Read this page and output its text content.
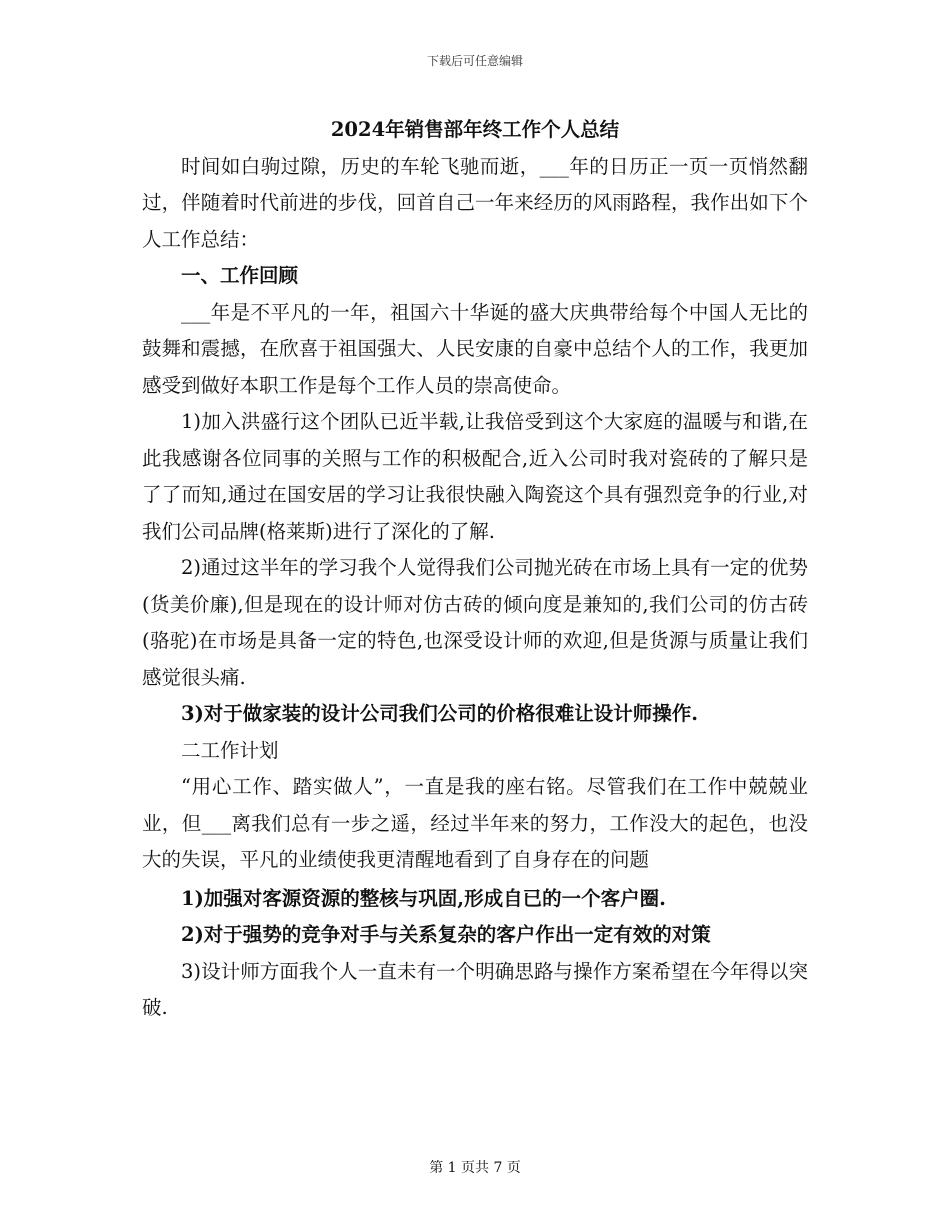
下载后可任意编辑

2024年销售部年终工作个人总结

时间如白驹过隙，历史的车轮飞驰而逝，___年的日历正一页一页悄然翻过，伴随着时代前进的步伐，回首自己一年来经历的风雨路程，我作出如下个人工作总结：

一、工作回顾

___年是不平凡的一年，祖国六十华诞的盛大庆典带给每个中国人无比的鼓舞和震撼，在欣喜于祖国强大、人民安康的自豪中总结个人的工作，我更加感受到做好本职工作是每个工作人员的崇高使命。

1)加入洪盛行这个团队已近半载,让我倍受到这个大家庭的温暖与和谐,在此我感谢各位同事的关照与工作的积极配合,近入公司时我对瓷砖的了解只是了了而知,通过在国安居的学习让我很快融入陶瓷这个具有强烈竞争的行业,对我们公司品牌(格莱斯)进行了深化的了解.

2)通过这半年的学习我个人觉得我们公司抛光砖在市场上具有一定的优势(货美价廉),但是现在的设计师对仿古砖的倾向度是兼知的,我们公司的仿古砖(骆驼)在市场是具备一定的特色,也深受设计师的欢迎,但是货源与质量让我们感觉很头痛.

3)对于做家装的设计公司我们公司的价格很难让设计师操作.

二工作计划

“用心工作、踏实做人”，一直是我的座右铭。尽管我们在工作中兢兢业业，但___离我们总有一步之遥，经过半年来的努力，工作没大的起色，也没大的失误，平凡的业绩使我更清醒地看到了自身存在的问题

1)加强对客源资源的整核与巩固,形成自已的一个客户圈.

2)对于强势的竞争对手与关系复杂的客户作出一定有效的对策

3)设计师方面我个人一直未有一个明确思路与操作方案希望在今年得以突破.

第 1 页共 7 页
